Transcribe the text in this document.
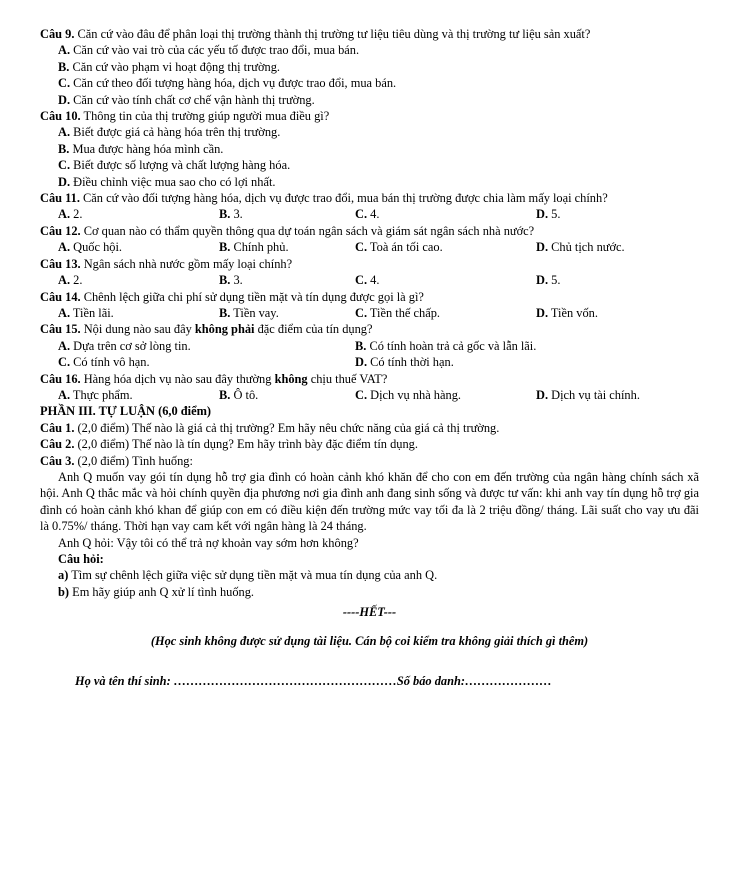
Câu 9. Căn cứ vào đâu để phân loại thị trường thành thị trường tư liệu tiêu dùng và thị trường tư liệu sản xuất?

A. Căn cứ vào vai trò của các yếu tố được trao đổi, mua bán.

B. Căn cứ vào phạm vi hoạt động thị trường.

C. Căn cứ theo đối tượng hàng hóa, dịch vụ được trao đổi, mua bán.

D. Căn cứ vào tính chất cơ chế vận hành thị trường.

Câu 10. Thông tin của thị trường giúp người mua điều gì?

A. Biết được giá cả hàng hóa trên thị trường.

B. Mua được hàng hóa mình cần.

C. Biết được số lượng và chất lượng hàng hóa.

D. Điều chỉnh việc mua sao cho có lợi nhất.

Câu 11. Căn cứ vào đối tượng hàng hóa, dịch vụ được trao đổi, mua bán thị trường được chia làm mấy loại chính?

A. 2.	B. 3.	C. 4.	D. 5.

Câu 12. Cơ quan nào có thẩm quyền thông qua dự toán ngân sách và giám sát ngân sách nhà nước?

A. Quốc hội.	B. Chính phủ.	C. Toà án tối cao.	D. Chủ tịch nước.

Câu 13. Ngân sách nhà nước gồm mấy loại chính?

A. 2.	B. 3.	C. 4.	D. 5.

Câu 14. Chênh lệch giữa chi phí sử dụng tiền mặt và tín dụng được gọi là gì?

A. Tiền lãi.	B. Tiền vay.	C. Tiền thế chấp.	D. Tiền vốn.

Câu 15. Nội dung nào sau đây không phải đặc điểm của tín dụng?

A. Dựa trên cơ sở lòng tin.	B. Có tính hoàn trả cả gốc và lẫn lãi.
C. Có tính vô hạn.	D. Có tính thời hạn.

Câu 16. Hàng hóa dịch vụ nào sau đây thường không chịu thuế VAT?

A. Thực phẩm.	B. Ô tô.	C. Dịch vụ nhà hàng.	D. Dịch vụ tài chính.

PHẦN III. TỰ LUẬN (6,0 điểm)

Câu 1. (2,0 điểm) Thế nào là giá cả thị trường? Em hãy nêu chức năng của giá cả thị trường.

Câu 2. (2,0 điểm) Thế nào là tín dụng? Em hãy trình bày đặc điểm tín dụng.

Câu 3. (2,0 điểm) Tình huống:

Anh Q muốn vay gói tín dụng hỗ trợ gia đình có hoàn cảnh khó khăn để cho con em đến trường của ngân hàng chính sách xã hội. Anh Q thắc mắc và hỏi chính quyền địa phương nơi gia đình anh đang sinh sống và được tư vấn: khi anh vay tín dụng hỗ trợ gia đình có hoàn cảnh khó khan để giúp con em có điều kiện đến trường mức vay tối đa là 2 triệu đồng/ tháng. Lãi suất cho vay ưu đãi là 0.75%/ tháng. Thời hạn vay cam kết với ngân hàng là 24 tháng.

Anh Q hỏi: Vậy tôi có thể trả nợ khoản vay sớm hơn không?

Câu hỏi:

a) Tìm sự chênh lệch giữa việc sử dụng tiền mặt và mua tín dụng của anh Q.

b) Em hãy giúp anh Q xử lí tình huống.

----HẾT---

(Học sinh không được sử dụng tài liệu. Cán bộ coi kiểm tra không giải thích gì thêm)

Họ và tên thí sinh: ………………………………………………Số báo danh:…………………
